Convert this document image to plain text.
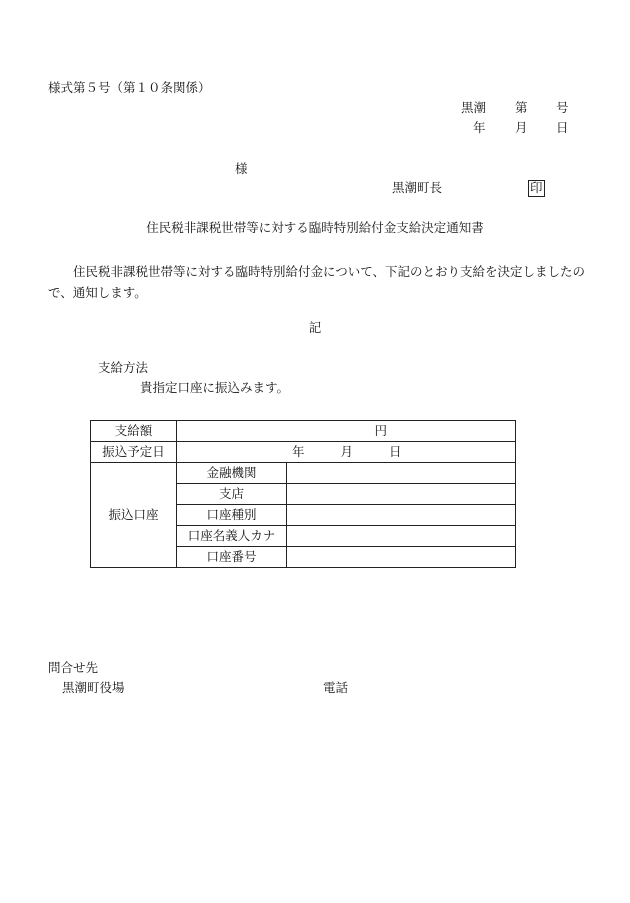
様式第５号（第１０条関係）
黒潮 第 号
年 月 日
様
黒潮町長	印
住民税非課税世帯等に対する臨時特別給付金支給決定通知書
住民税非課税世帯等に対する臨時特別給付金について、下記のとおり支給を決定しましたので、通知します。
記
支給方法
貴指定口座に振込みます。
支給額	円	
振込予定日	年 月 日	
振込口座	金融機関	
	支店	
	口座種別	
	口座名義人カナ	
	口座番号	
問合せ先
黒潮町役場	電話
